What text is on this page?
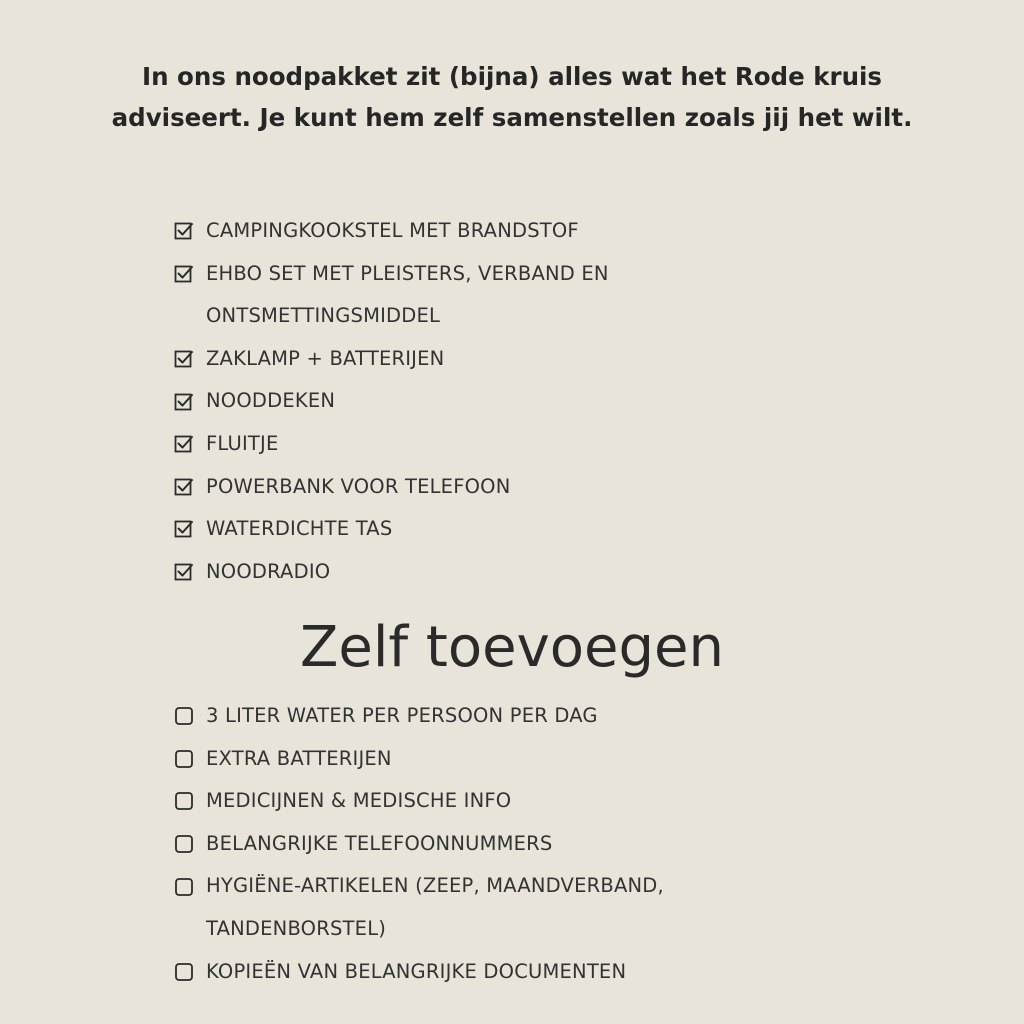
In ons noodpakket zit (bijna) alles wat het Rode kruis adviseert. Je kunt hem zelf samenstellen zoals jij het wilt.
CAMPINGKOOKSTEL MET BRANDSTOF
EHBO SET MET PLEISTERS, VERBAND EN ONTSMETTINGSMIDDEL
ZAKLAMP + BATTERIJEN
NOODDEKEN
FLUITJE
POWERBANK VOOR TELEFOON
WATERDICHTE TAS
NOODRADIO
Zelf toevoegen
3 LITER WATER PER PERSOON PER DAG
EXTRA BATTERIJEN
MEDICIJNEN & MEDISCHE INFO
BELANGRIJKE TELEFOONNUMMERS
HYGIËNE-ARTIKELEN (ZEEP, MAANDVERBAND, TANDENBORSTEL)
KOPIEËN VAN BELANGRIJKE DOCUMENTEN
